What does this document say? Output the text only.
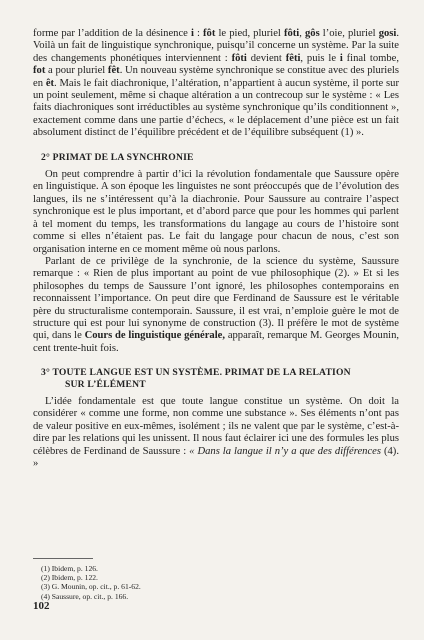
forme par l’addition de la désinence i : fôt le pied, pluriel fôti, gôs l’oie, pluriel gosi. Voilà un fait de linguistique synchronique, puisqu’il concerne un système. Par la suite des changements phonétiques interviennent : fôti devient fêti, puis le i final tombe, fot a pour pluriel fêt. Un nouveau système synchronique se constitue avec des pluriels en êt. Mais le fait diachronique, l’altération, n’appartient à aucun système, il porte sur un point seulement, même si chaque altération a un contrecoup sur le système : « Les faits diachroniques sont irréductibles au système synchronique qu’ils conditionnent », exactement comme dans une partie d’échecs, « le déplacement d’une pièce est un fait absolument distinct de l’équilibre précédent et de l’équilibre subséquent (1) ».

2° PRIMAT DE LA SYNCHRONIE

On peut comprendre à partir d’ici la révolution fondamentale que Saussure opère en linguistique. A son époque les linguistes ne sont préoccupés que de l’évolution des langues, ils ne s’intéressent qu’à la diachronie. Pour Saussure au contraire l’aspect synchronique est le plus important, et d’abord parce que pour les hommes qui parlent à tel moment du temps, les transformations du langage au cours de l’histoire sont comme si elles n’étaient pas. Le fait du langage pour chacun de nous, c’est son organisation interne en ce moment même où nous parlons.

Parlant de ce privilège de la synchronie, de la science du système, Saussure remarque : « Rien de plus important au point de vue philosophique (2). » Et si les philosophes du temps de Saussure l’ont ignoré, les philosophes contemporains en reconnaissent l’importance. On peut dire que Ferdinand de Saussure est le véritable père du structuralisme contemporain. Saussure, il est vrai, n’emploie guère le mot de structure qui est pour lui synonyme de construction (3). Il préfère le mot de système qui, dans le Cours de linguistique générale, apparaît, remarque M. Georges Mounin, cent trente-huit fois.

3° TOUTE LANGUE EST UN SYSTÈME. PRIMAT DE LA RELATION
SUR L’ÉLÉMENT

L’idée fondamentale est que toute langue constitue un système. On doit la considérer « comme une forme, non comme une substance ». Ses éléments n’ont pas de valeur positive en eux-mêmes, isolément ; ils ne valent que par le système, c’est-à-dire par les relations qui les unissent. Il nous faut éclairer ici une des formules les plus célèbres de Ferdinand de Saussure : « Dans la langue il n’y a que des différences (4). »

(1) Ibidem, p. 126.
(2) Ibidem, p. 122.
(3) G. Mounin, op. cit., p. 61-62.
(4) Saussure, op. cit., p. 166.
102
